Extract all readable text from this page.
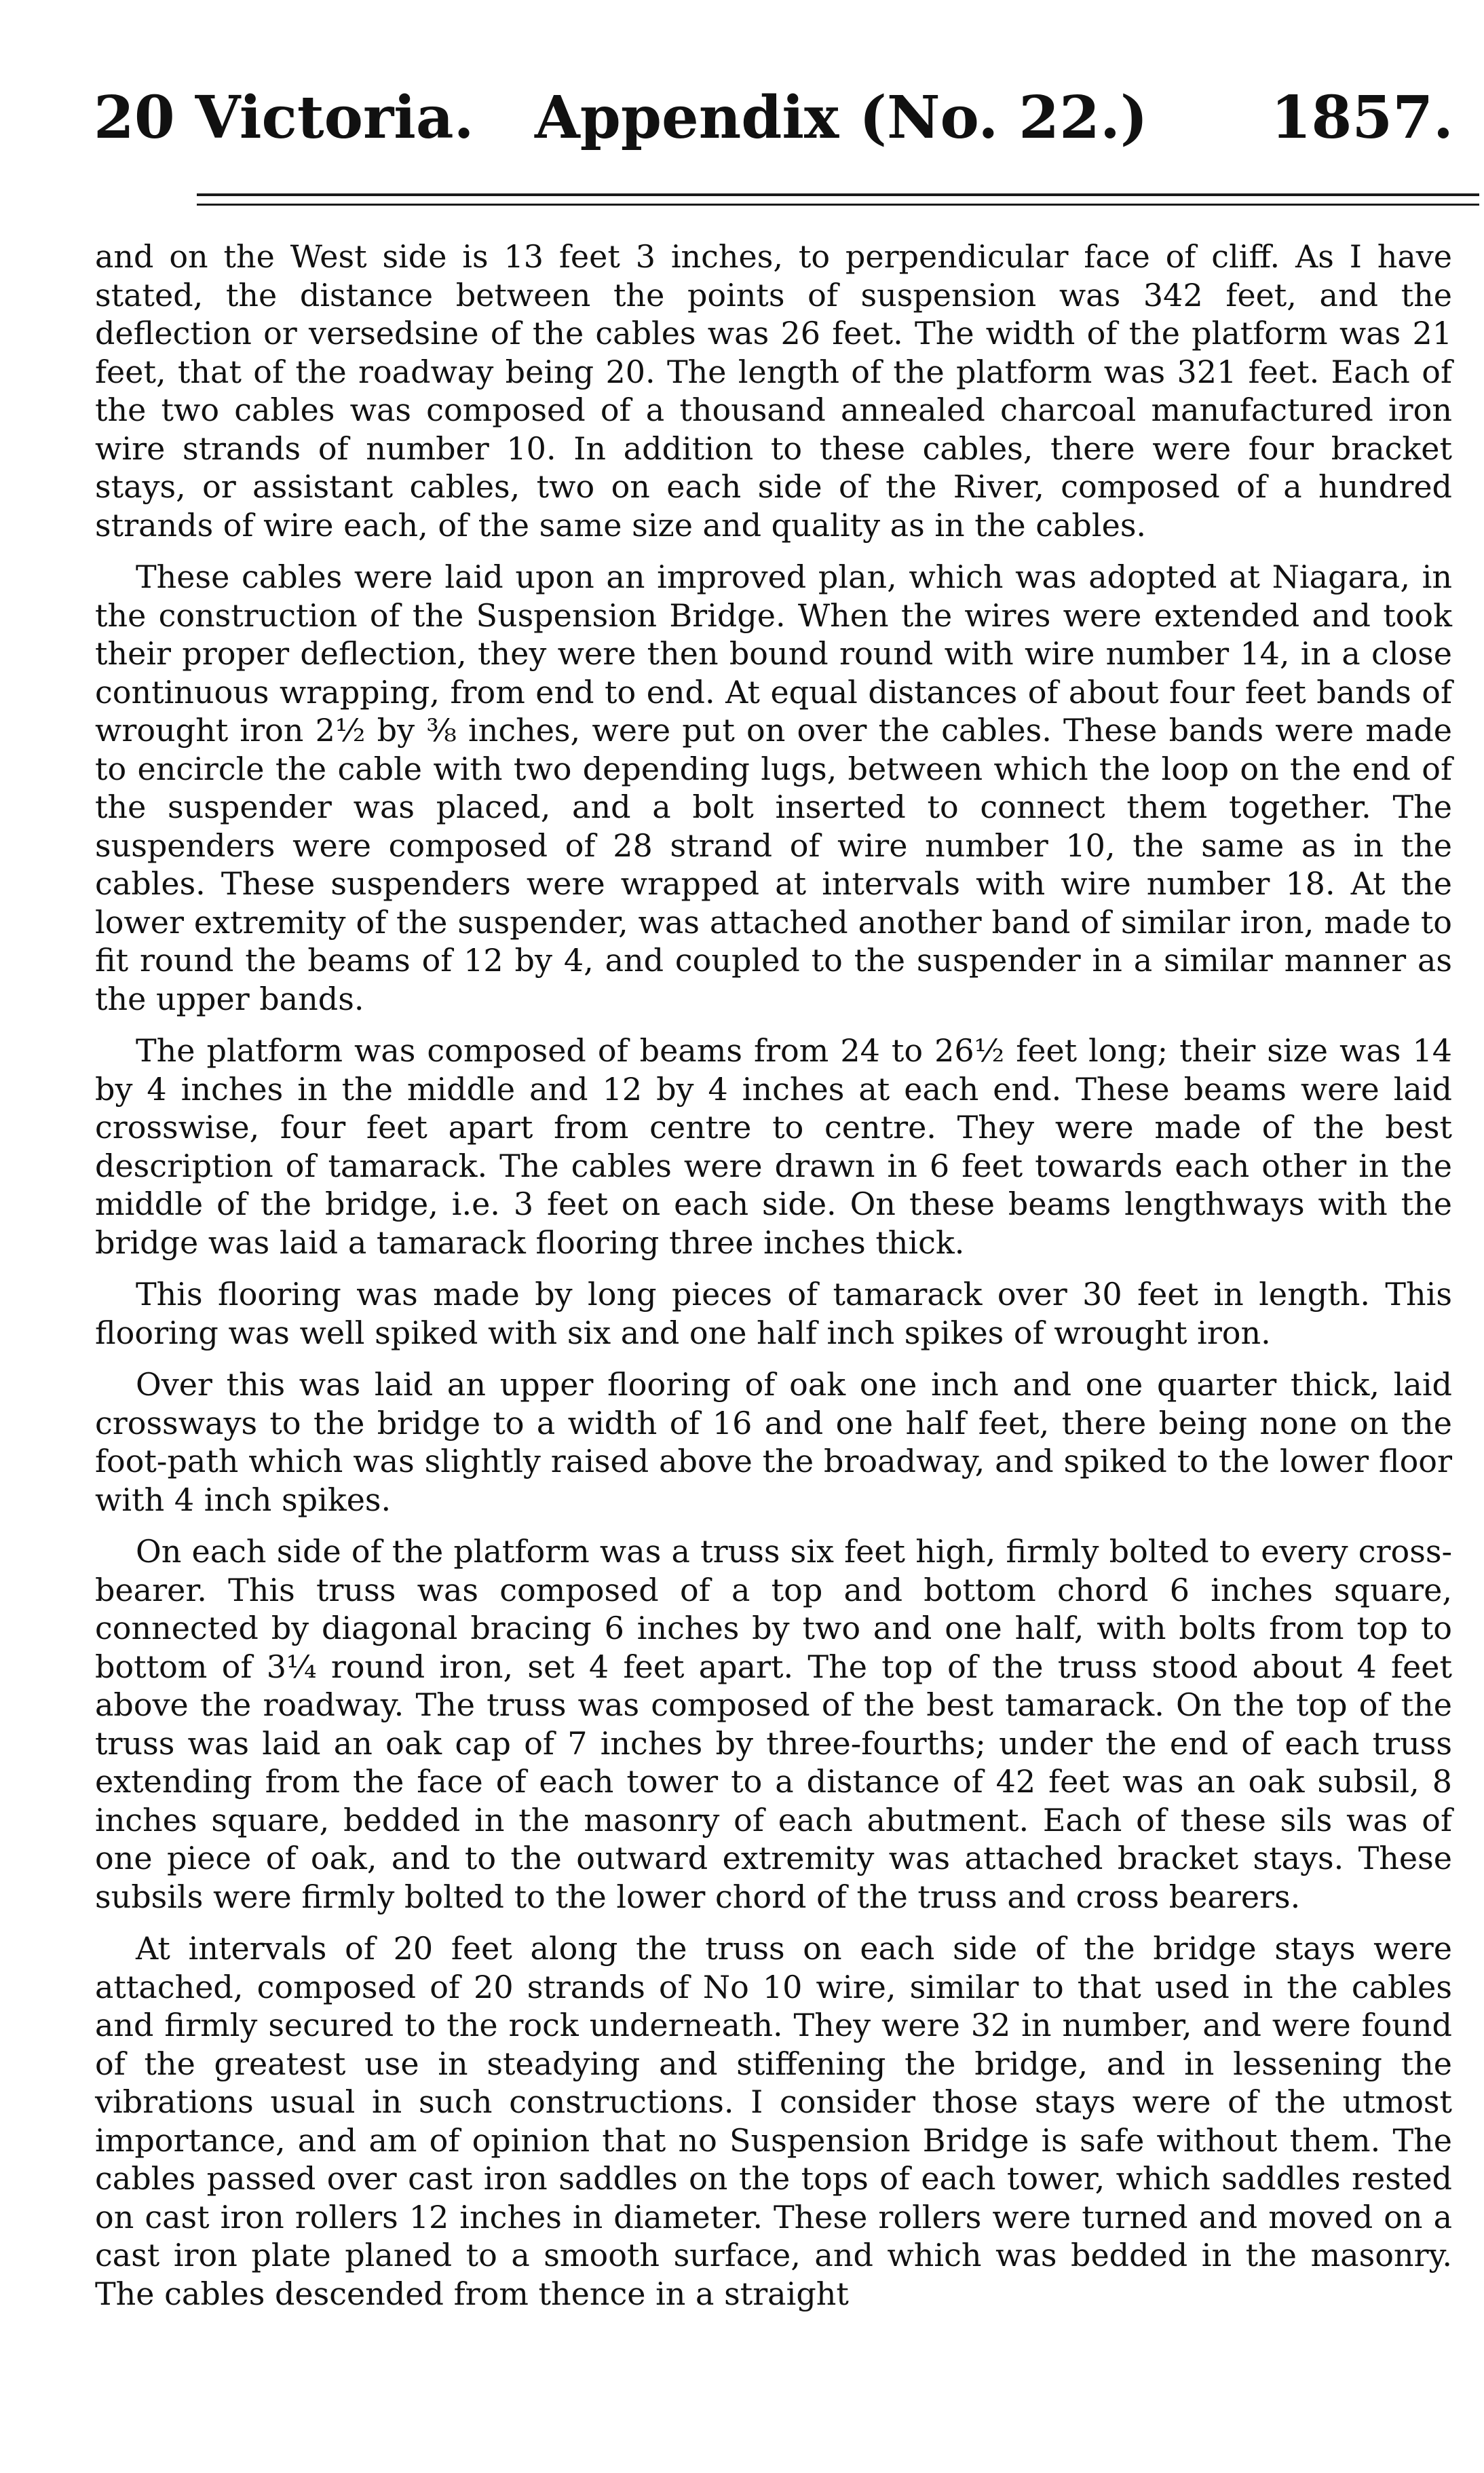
20 Victoria. Appendix (No. 22.) 1857.

and on the West side is 13 feet 3 inches, to perpendicular face of cliff. As I have stated, the distance between the points of suspension was 342 feet, and the deflection or versedsine of the cables was 26 feet. The width of the platform was 21 feet, that of the roadway being 20. The length of the platform was 321 feet. Each of the two cables was composed of a thousand annealed charcoal manufactured iron wire strands of number 10. In addition to these cables, there were four bracket stays, or assistant cables, two on each side of the River, composed of a hundred strands of wire each, of the same size and quality as in the cables.

These cables were laid upon an improved plan, which was adopted at Niagara, in the construction of the Suspension Bridge. When the wires were extended and took their proper deflection, they were then bound round with wire number 14, in a close continuous wrapping, from end to end. At equal distances of about four feet bands of wrought iron 2½ by ⅜ inches, were put on over the cables. These bands were made to encircle the cable with two depending lugs, between which the loop on the end of the suspender was placed, and a bolt inserted to connect them together. The suspenders were composed of 28 strand of wire number 10, the same as in the cables. These suspenders were wrapped at intervals with wire number 18. At the lower extremity of the suspender, was attached another band of similar iron, made to fit round the beams of 12 by 4, and coupled to the suspender in a similar manner as the upper bands.

The platform was composed of beams from 24 to 26½ feet long; their size was 14 by 4 inches in the middle and 12 by 4 inches at each end. These beams were laid crosswise, four feet apart from centre to centre. They were made of the best description of tamarack. The cables were drawn in 6 feet towards each other in the middle of the bridge, i.e. 3 feet on each side. On these beams lengthways with the bridge was laid a tamarack flooring three inches thick.

This flooring was made by long pieces of tamarack over 30 feet in length. This flooring was well spiked with six and one half inch spikes of wrought iron.

Over this was laid an upper flooring of oak one inch and one quarter thick, laid crossways to the bridge to a width of 16 and one half feet, there being none on the foot-path which was slightly raised above the broadway, and spiked to the lower floor with 4 inch spikes.

On each side of the platform was a truss six feet high, firmly bolted to every cross-bearer. This truss was composed of a top and bottom chord 6 inches square, connected by diagonal bracing 6 inches by two and one half, with bolts from top to bottom of 3¼ round iron, set 4 feet apart. The top of the truss stood about 4 feet above the roadway. The truss was composed of the best tamarack. On the top of the truss was laid an oak cap of 7 inches by three-fourths; under the end of each truss extending from the face of each tower to a distance of 42 feet was an oak subsil, 8 inches square, bedded in the masonry of each abutment. Each of these sils was of one piece of oak, and to the outward extremity was attached bracket stays. These subsils were firmly bolted to the lower chord of the truss and cross bearers.

At intervals of 20 feet along the truss on each side of the bridge stays were attached, composed of 20 strands of No 10 wire, similar to that used in the cables and firmly secured to the rock underneath. They were 32 in number, and were found of the greatest use in steadying and stiffening the bridge, and in lessening the vibrations usual in such constructions. I consider those stays were of the utmost importance, and am of opinion that no Suspension Bridge is safe without them. The cables passed over cast iron saddles on the tops of each tower, which saddles rested on cast iron rollers 12 inches in diameter. These rollers were turned and moved on a cast iron plate planed to a smooth surface, and which was bedded in the masonry. The cables descended from thence in a straight
